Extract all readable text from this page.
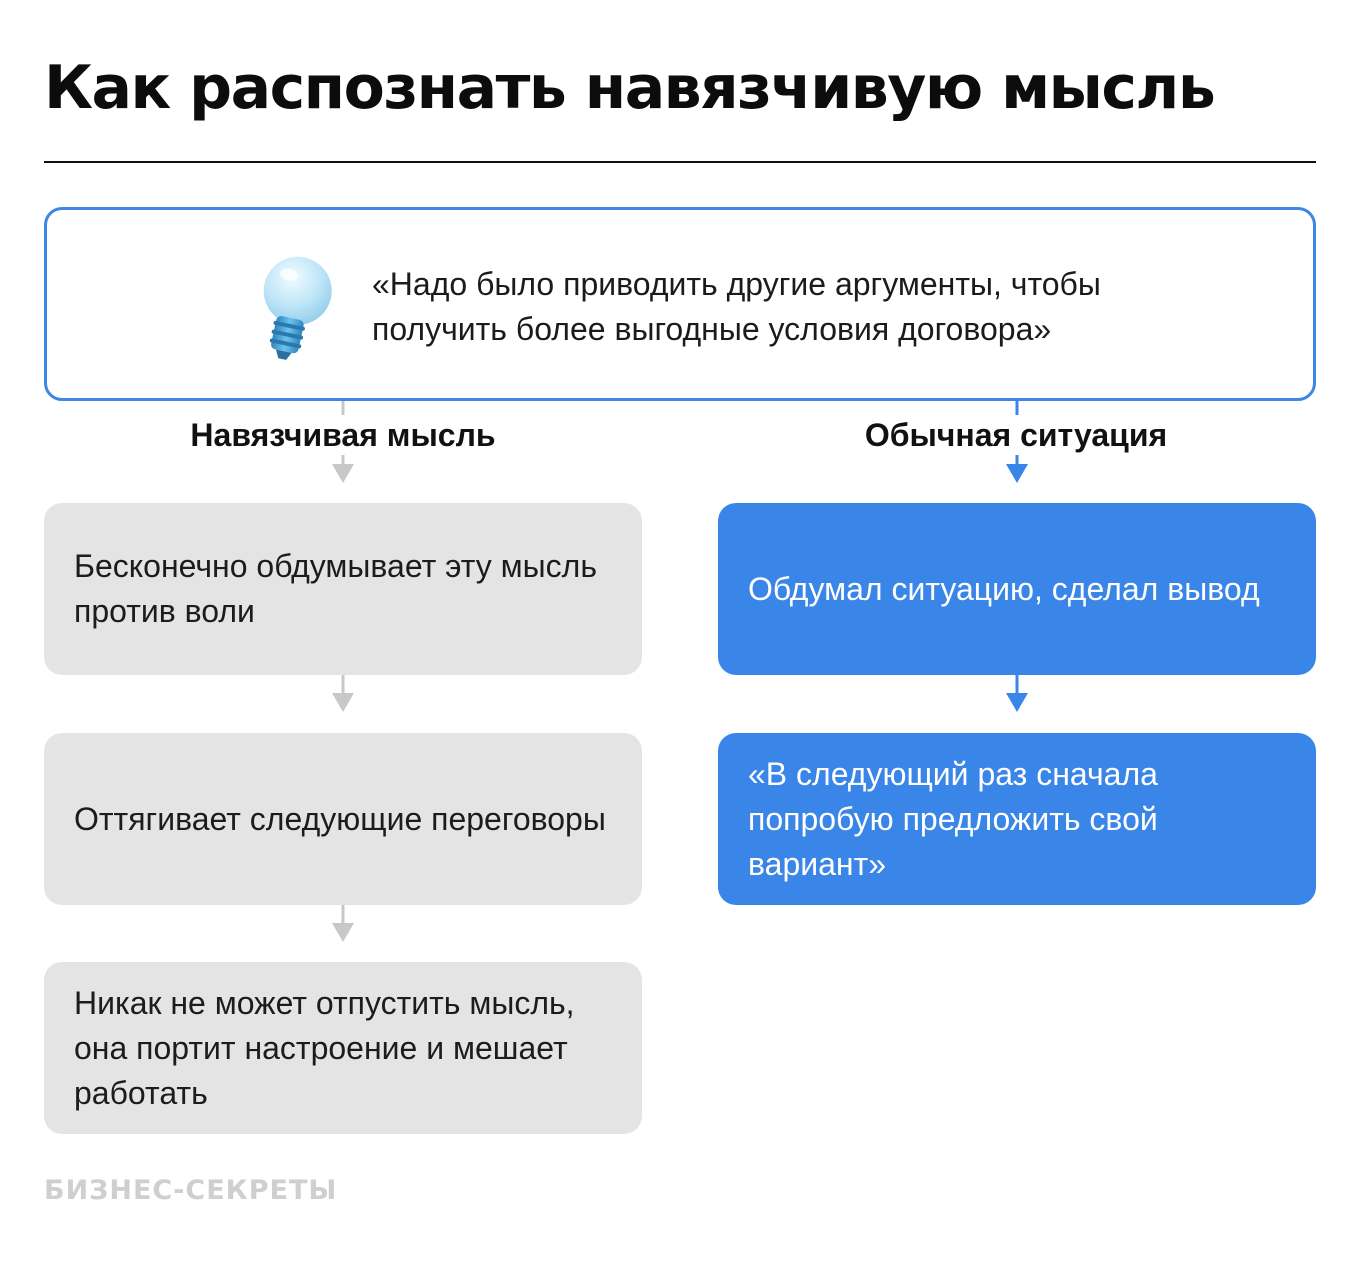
Как распознать навязчивую мысль
«Надо было приводить другие аргументы, чтобы получить более выгодные условия договора»
Навязчивая мысль	Обычная ситуация
Бесконечно обдумывает эту мысль против воли
Оттягивает следующие переговоры
Никак не может отпустить мысль, она портит настроение и мешает работать
Обдумал ситуацию, сделал вывод
«В следующий раз сначала попробую предложить свой вариант»
БИЗНЕС-СЕКРЕТЫ
